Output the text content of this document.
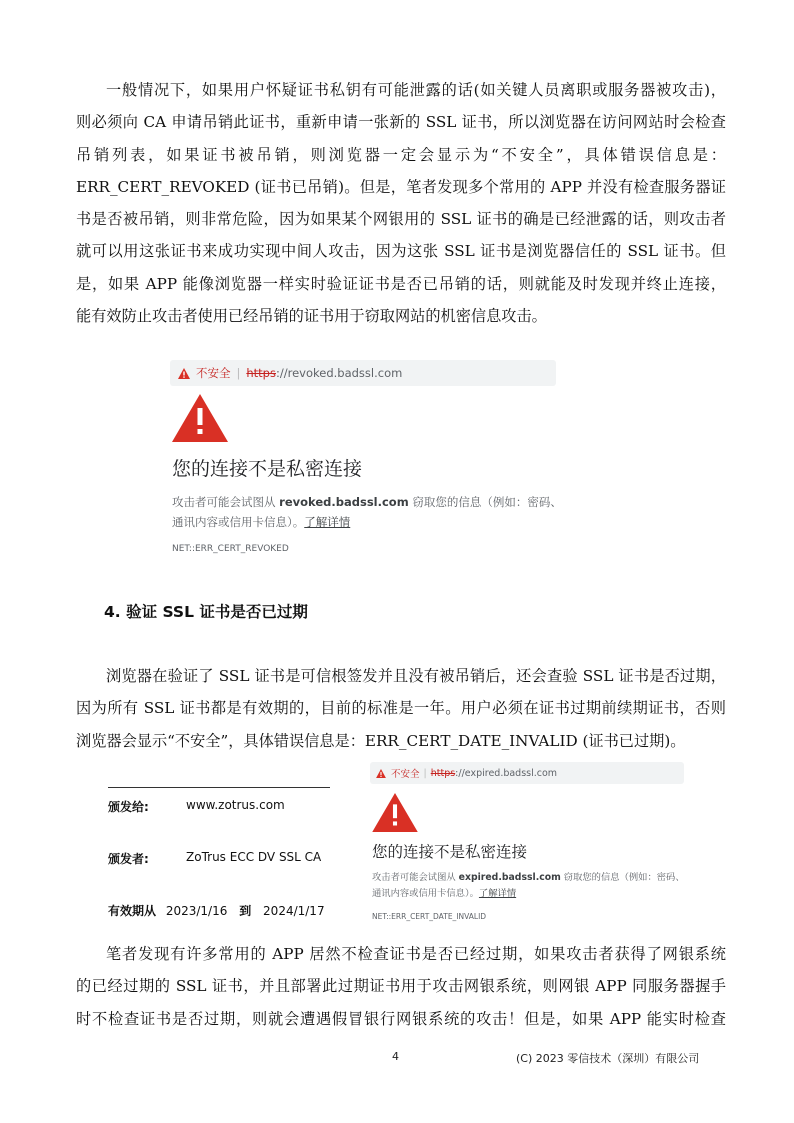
一般情况下，如果用户怀疑证书私钥有可能泄露的话(如关键人员离职或服务器被攻击)，
则必须向 CA 申请吊销此证书，重新申请一张新的 SSL 证书，所以浏览器在访问网站时会检查
吊销列表，如果证书被吊销，则浏览器一定会显示为“不安全”，具体错误信息是：
ERR_CERT_REVOKED (证书已吊销)。但是，笔者发现多个常用的 APP 并没有检查服务器证
书是否被吊销，则非常危险，因为如果某个网银用的 SSL 证书的确是已经泄露的话，则攻击者
就可以用这张证书来成功实现中间人攻击，因为这张 SSL 证书是浏览器信任的 SSL 证书。但
是，如果 APP 能像浏览器一样实时验证证书是否已吊销的话，则就能及时发现并终止连接，
能有效防止攻击者使用已经吊销的证书用于窃取网站的机密信息攻击。
不安全 | https ://revoked.badssl.com
您的连接不是私密连接
攻击者可能会试图从 revoked.badssl.com 窃取您的信息（例如：密码、
通讯内容或信用卡信息）。了解详情
NET::ERR_CERT_REVOKED
4. 验证 SSL 证书是否已过期
浏览器在验证了 SSL 证书是可信根签发并且没有被吊销后，还会查验 SSL 证书是否过期，
因为所有 SSL 证书都是有效期的，目前的标准是一年。用户必须在证书过期前续期证书，否则
浏览器会显示“不安全”，具体错误信息是：ERR_CERT_DATE_INVALID (证书已过期)。
颁发给:	www.zotrus.com
颁发者:	ZoTrus ECC DV SSL CA
有效期从 2023/1/16 到 2024/1/17
不安全 | https ://expired.badssl.com
您的连接不是私密连接
攻击者可能会试图从 expired.badssl.com 窃取您的信息（例如：密码、
通讯内容或信用卡信息）。了解详情
NET::ERR_CERT_DATE_INVALID
笔者发现有许多常用的 APP 居然不检查证书是否已经过期，如果攻击者获得了网银系统
的已经过期的 SSL 证书，并且部署此过期证书用于攻击网银系统，则网银 APP 同服务器握手
时不检查证书是否过期，则就会遭遇假冒银行网银系统的攻击！但是，如果 APP 能实时检查
4	(C) 2023 零信技术（深圳）有限公司
